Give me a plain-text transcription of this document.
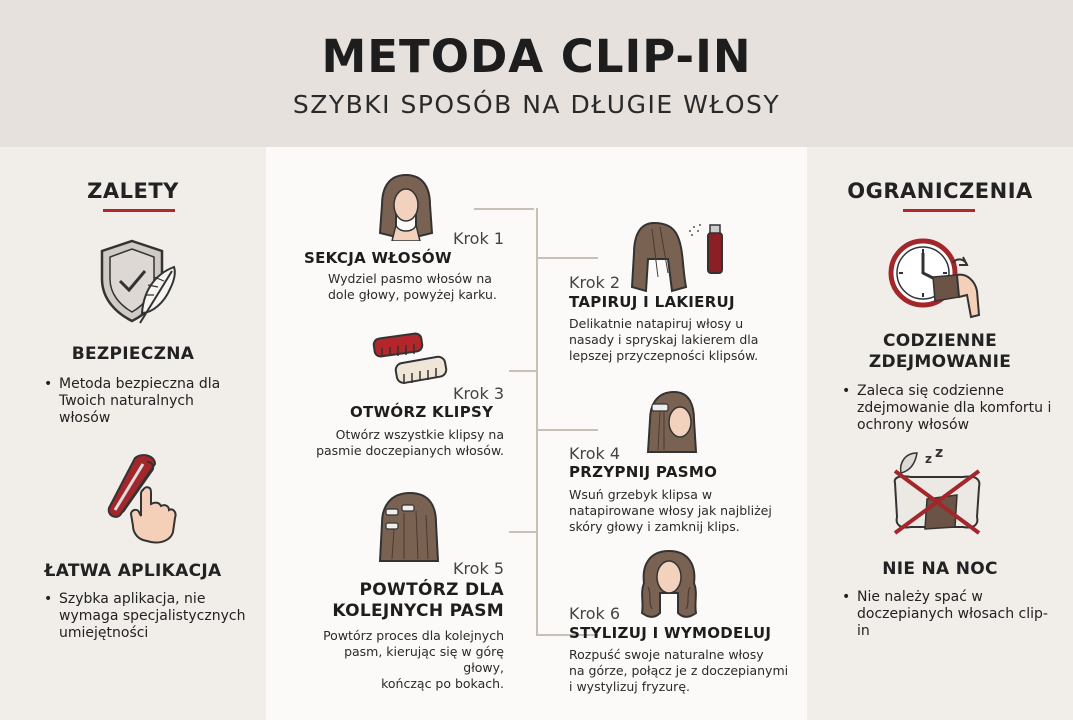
METODA CLIP-IN
SZYBKI SPOSÓB NA DŁUGIE WŁOSY
ZALETY
BEZPIECZNA
• Metoda bezpieczna dla Twoich naturalnych włosów
ŁATWA APLIKACJA
• Szybka aplikacja, nie wymaga specjalistycznych umiejętności
Krok 1
SEKCJA WŁOSÓW
Wydziel pasmo włosów na
dole głowy, powyżej karku.
Krok 2
TAPIRUJ I LAKIERUJ
Delikatnie natapiruj włosy u
nasady i spryskaj lakierem dla
lepszej przyczepności klipsów.
Krok 3
OTWÓRZ KLIPSY
Otwórz wszystkie klipsy na
pasmie doczepianych włosów.	Krok 4
PRZYPNIJ PASMO
Wsuń grzebyk klipsa w
natapirowane włosy jak najbliżej
skóry głowy i zamknij klips.
Krok 5
POWTÓRZ DLA
KOLEJNYCH PASM
Powtórz proces dla kolejnych
pasm, kierując się w górę głowy,
kończąc po bokach.
Krok 6
STYLIZUJ I WYMODELUJ
Rozpuść swoje naturalne włosy
na górze, połącz je z doczepianymi
i wystylizuj fryzurę.
OGRANICZENIA
CODZIENNE
ZDEJMOWANIE
• Zaleca się codzienne zdejmowanie dla komfortu i ochrony włosów
z z
NIE NA NOC
• Nie należy spać w doczepianych włosach clip-in
